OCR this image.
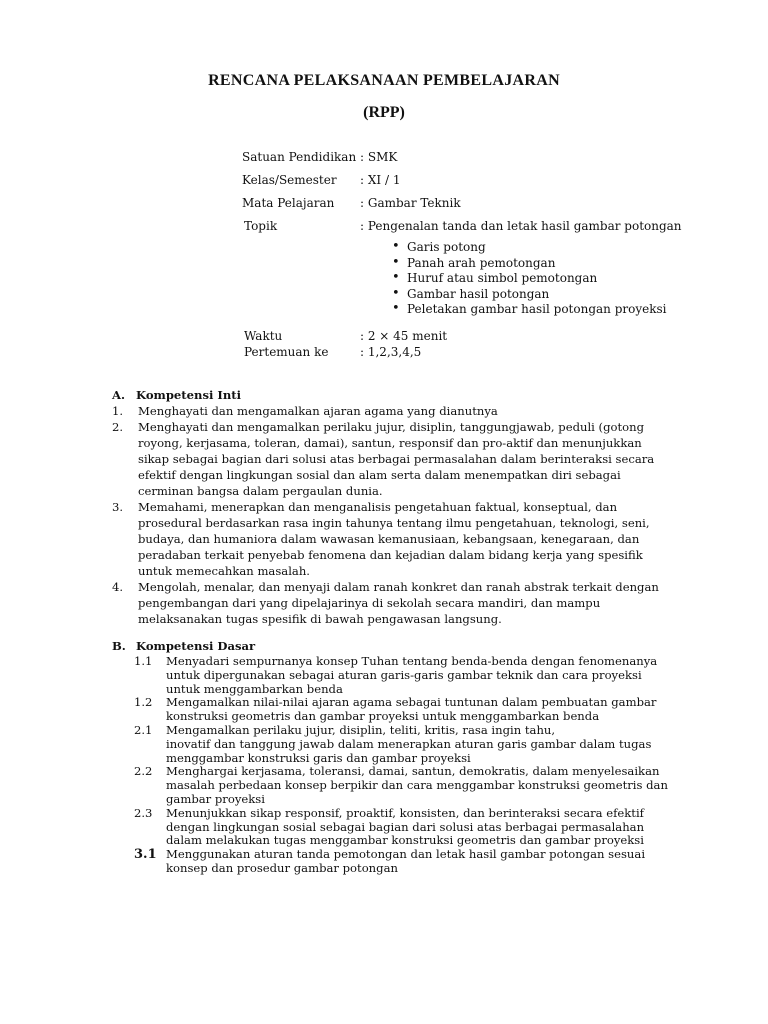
RENCANA PELAKSANAAN PEMBELAJARAN
(RPP)
Satuan Pendidikan : SMK
Kelas/Semester : XI / 1
Mata Pelajaran : Gambar Teknik
Topik	: Pengenalan tanda dan letak hasil gambar potongan
• Garis potong
• Panah arah pemotongan
• Huruf atau simbol pemotongan
• Gambar hasil potongan
• Peletakan gambar hasil potongan proyeksi
Waktu	: 2 × 45 menit
Pertemuan ke	: 1,2,3,4,5
A. Kompetensi Inti
1. Menghayati dan mengamalkan ajaran agama yang dianutnya
2. Menghayati dan mengamalkan perilaku jujur, disiplin, tanggungjawab, peduli (gotong
royong, kerjasama, toleran, damai), santun, responsif dan pro-aktif dan menunjukkan
sikap sebagai bagian dari solusi atas berbagai permasalahan dalam berinteraksi secara
efektif dengan lingkungan sosial dan alam serta dalam menempatkan diri sebagai
cerminan bangsa dalam pergaulan dunia.
3. Memahami, menerapkan dan menganalisis pengetahuan faktual, konseptual, dan
prosedural berdasarkan rasa ingin tahunya tentang ilmu pengetahuan, teknologi, seni,
budaya, dan humaniora dalam wawasan kemanusiaan, kebangsaan, kenegaraan, dan
peradaban terkait penyebab fenomena dan kejadian dalam bidang kerja yang spesifik
untuk memecahkan masalah.
4. Mengolah, menalar, dan menyaji dalam ranah konkret dan ranah abstrak terkait dengan
pengembangan dari yang dipelajarinya di sekolah secara mandiri, dan mampu
melaksanakan tugas spesifik di bawah pengawasan langsung.
B. Kompetensi Dasar
1.1 Menyadari sempurnanya konsep Tuhan tentang benda-benda dengan fenomenanya
untuk dipergunakan sebagai aturan garis-garis gambar teknik dan cara proyeksi
untuk menggambarkan benda
1.2 Mengamalkan nilai-nilai ajaran agama sebagai tuntunan dalam pembuatan gambar
konstruksi geometris dan gambar proyeksi untuk menggambarkan benda
2.1 Mengamalkan perilaku jujur, disiplin, teliti, kritis, rasa ingin tahu,
inovatif dan tanggung jawab dalam menerapkan aturan garis gambar dalam tugas
menggambar konstruksi garis dan gambar proyeksi
2.2 Menghargai kerjasama, toleransi, damai, santun, demokratis, dalam menyelesaikan
masalah perbedaan konsep berpikir dan cara menggambar konstruksi geometris dan
gambar proyeksi
2.3 Menunjukkan sikap responsif, proaktif, konsisten, dan berinteraksi secara efektif
dengan lingkungan sosial sebagai bagian dari solusi atas berbagai permasalahan
dalam melakukan tugas menggambar konstruksi geometris dan gambar proyeksi
3.1 Menggunakan aturan tanda pemotongan dan letak hasil gambar potongan sesuai
konsep dan prosedur gambar potongan
